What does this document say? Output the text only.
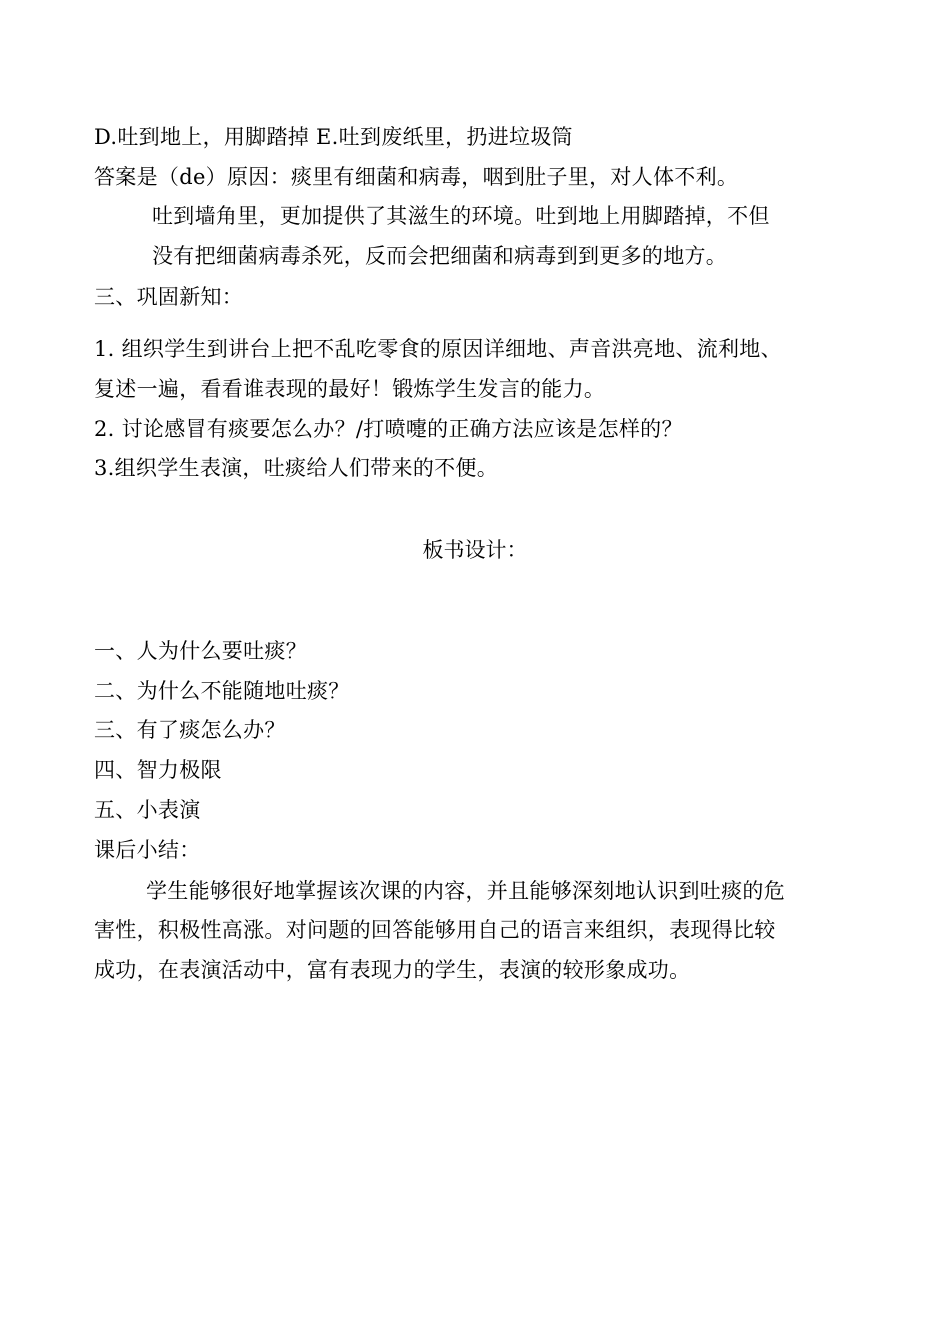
D.吐到地上，用脚踏掉 E.吐到废纸里，扔进垃圾筒
答案是（de）原因：痰里有细菌和病毒，咽到肚子里，对人体不利。
吐到墙角里，更加提供了其滋生的环境。吐到地上用脚踏掉，不但
没有把细菌病毒杀死，反而会把细菌和病毒到到更多的地方。
三、巩固新知：
1. 组织学生到讲台上把不乱吃零食的原因详细地、声音洪亮地、流利地、
复述一遍，看看谁表现的最好！锻炼学生发言的能力。
2. 讨论感冒有痰要怎么办？/打喷嚏的正确方法应该是怎样的？
3.组织学生表演，吐痰给人们带来的不便。
板书设计：
一、人为什么要吐痰？
二、为什么不能随地吐痰？
三、有了痰怎么办？
四、智力极限
五、小表演
课后小结：
学生能够很好地掌握该次课的内容，并且能够深刻地认识到吐痰的危
害性，积极性高涨。对问题的回答能够用自己的语言来组织，表现得比较
成功，在表演活动中，富有表现力的学生，表演的较形象成功。
